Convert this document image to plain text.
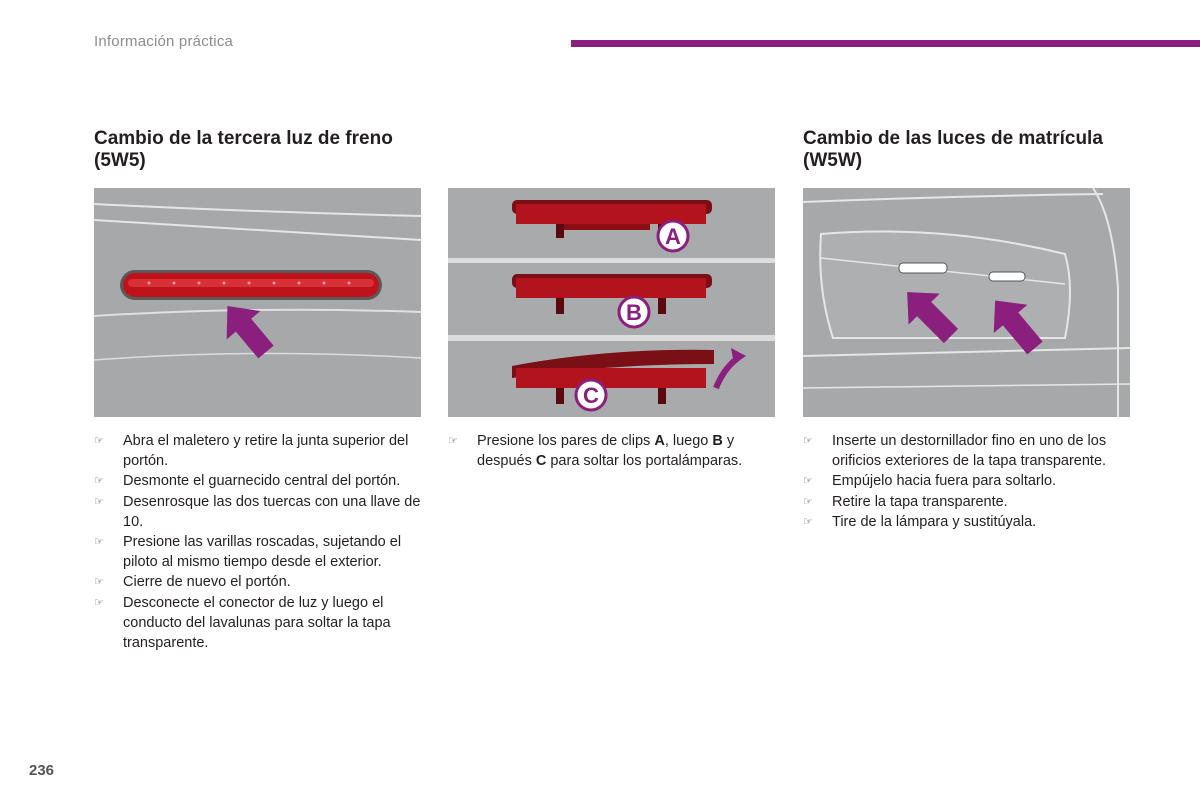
Información práctica
Cambio de la tercera luz de freno (5W5)
Cambio de las luces de matrícula (W5W)
A
B
C
☞ Abra el maletero y retire la junta superior del portón.
☞ Desmonte el guarnecido central del portón.
☞ Desenrosque las dos tuercas con una llave de 10.
☞ Presione las varillas roscadas, sujetando el piloto al mismo tiempo desde el exterior.
☞ Cierre de nuevo el portón.
☞ Desconecte el conector de luz y luego el conducto del lavalunas para soltar la tapa transparente.

☞ Presione los pares de clips A, luego B y después C para soltar los portalámparas.

☞ Inserte un destornillador fino en uno de los orificios exteriores de la tapa transparente.
☞ Empújelo hacia fuera para soltarlo.
☞ Retire la tapa transparente.
☞ Tire de la lámpara y sustitúyala.
236
